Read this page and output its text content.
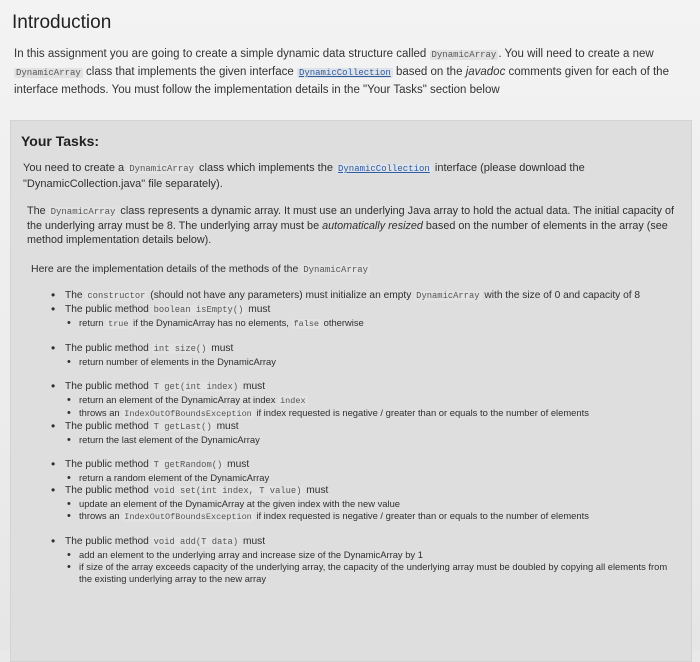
Introduction

In this assignment you are going to create a simple dynamic data structure called DynamicArray . You will need to create a new DynamicArray class that implements the given interface DynamicCollection based on the javadoc comments given for each of the interface methods. You must follow the implementation details in the "Your Tasks" section below

Your Tasks:

You need to create a DynamicArray class which implements the DynamicCollection interface (please download the "DynamicCollection.java" file separately).

The DynamicArray class represents a dynamic array. It must use an underlying Java array to hold the actual data. The initial capacity of the underlying array must be 8. The underlying array must be automatically resized based on the number of elements in the array (see method implementation details below).

Here are the implementation details of the methods of the DynamicArray

• The constructor (should not have any parameters) must initialize an empty DynamicArray with the size of 0 and capacity of 8
• The public method boolean isEmpty() must
• return true if the DynamicArray has no elements, false otherwise
• The public method int size() must
• return number of elements in the DynamicArray
• The public method T get(int index) must
• return an element of the DynamicArray at index index
• throws an IndexOutOfBoundsException if index requested is negative / greater than or equals to the number of elements
• The public method T getLast() must
• return the last element of the DynamicArray
• The public method T getRandom() must
• return a random element of the DynamicArray
• The public method void set(int index, T value) must
• update an element of the DynamicArray at the given index with the new value
• throws an IndexOutOfBoundsException if index requested is negative / greater than or equals to the number of elements
• The public method void add(T data) must
• add an element to the underlying array and increase size of the DynamicArray by 1
• if size of the array exceeds capacity of the underlying array, the capacity of the underlying array must be doubled by copying all elements from the existing underlying array to the new array
